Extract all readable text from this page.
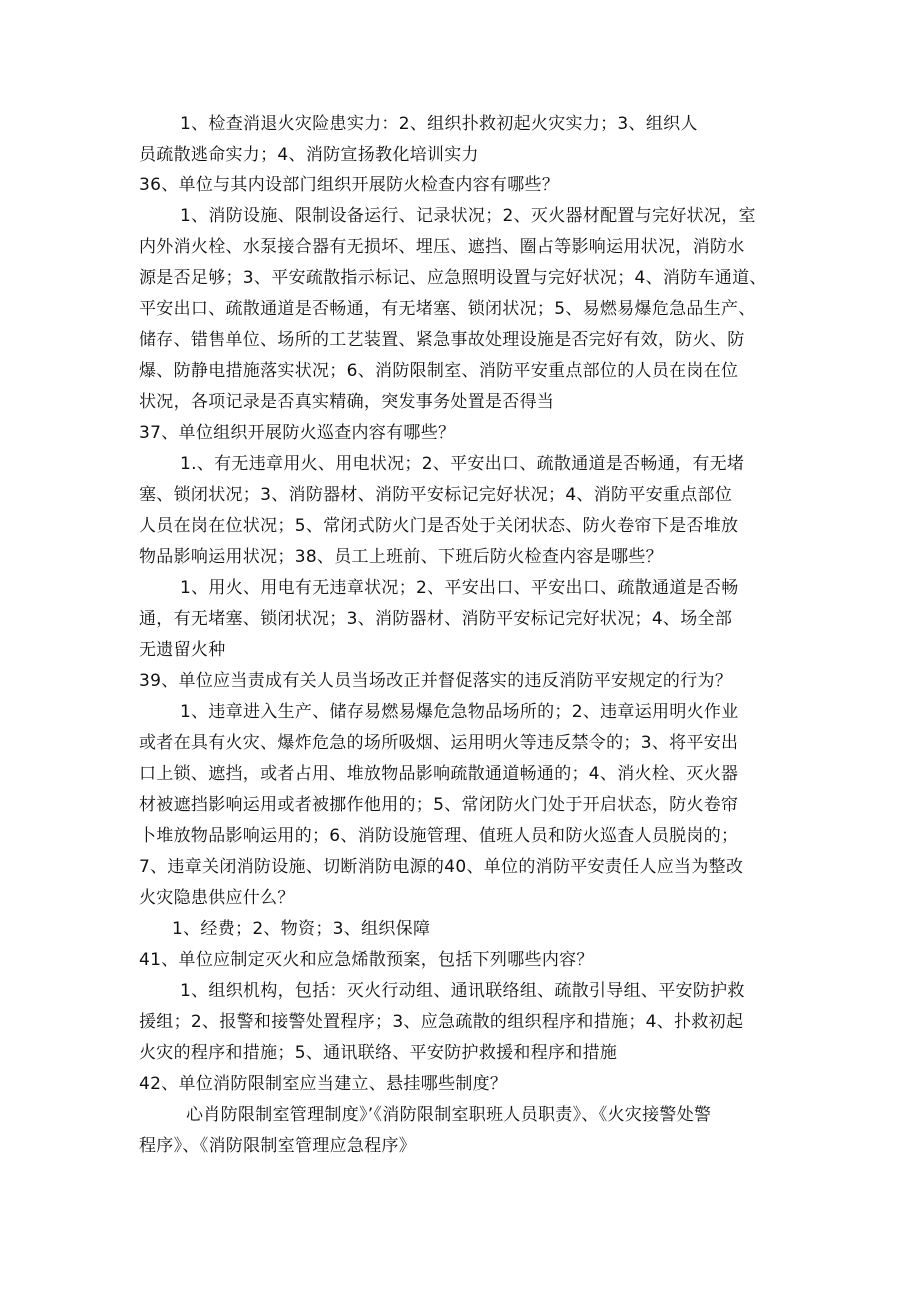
1、检查消退火灾险患实力：2、组织扑救初起火灾实力；3、组织人
员疏散逃命实力；4、消防宣扬教化培训实力
36、单位与其内设部门组织开展防火检查内容有哪些？
1、消防设施、限制设备运行、记录状况；2、灭火器材配置与完好状况，室
内外消火栓、水泵接合器有无损坏、埋压、遮挡、圈占等影响运用状况，消防水
源是否足够；3、平安疏散指示标记、应急照明设置与完好状况；4、消防车通道、
平安出口、疏散通道是否畅通，有无堵塞、锁闭状况；5、易燃易爆危急品生产、
储存、错售单位、场所的工艺装置、紧急事故处理设施是否完好有效，防火、防
爆、防静电措施落实状况；6、消防限制室、消防平安重点部位的人员在岗在位
状况，各项记录是否真实精确，突发事务处置是否得当
37、单位组织开展防火巡查内容有哪些？
1.、有无违章用火、用电状况；2、平安出口、疏散通道是否畅通，有无堵
塞、锁闭状况；3、消防器材、消防平安标记完好状况；4、消防平安重点部位
人员在岗在位状况；5、常闭式防火门是否处于关闭状态、防火卷帘下是否堆放
物品影响运用状况；38、员工上班前、下班后防火检查内容是哪些？
1、用火、用电有无违章状况；2、平安出口、平安出口、疏散通道是否畅
通，有无堵塞、锁闭状况；3、消防器材、消防平安标记完好状况；4、场全部
无遗留火种
39、单位应当责成有关人员当场改正并督促落实的违反消防平安规定的行为？
1、违章进入生产、储存易燃易爆危急物品场所的；2、违章运用明火作业
或者在具有火灾、爆炸危急的场所吸烟、运用明火等违反禁令的；3、将平安出
口上锁、遮挡，或者占用、堆放物品影响疏散通道畅通的；4、消火栓、灭火器
材被遮挡影响运用或者被挪作他用的；5、常闭防火门处于开启状态，防火卷帘
卜堆放物品影响运用的；6、消防设施管理、值班人员和防火巡査人员脱岗的；
7、违章关闭消防设施、切断消防电源的40、单位的消防平安责任人应当为整改
火灾隐患供应什么？
1、经费；2、物资；3、组织保障
41、单位应制定灭火和应急烯散预案，包括下列哪些内容？
1、组织机构，包括：灭火行动组、通讯联络组、疏散引导组、平安防护救
援组；2、报警和接警处置程序；3、应急疏散的组织程序和措施；4、扑救初起
火灾的程序和措施；5、通讯联络、平安防护救援和程序和措施
42、单位消防限制室应当建立、悬挂哪些制度？
心肖防限制室管理制度》’《消防限制室职班人员职责》、《火灾接警处警
程序》、《消防限制室管理应急程序》
